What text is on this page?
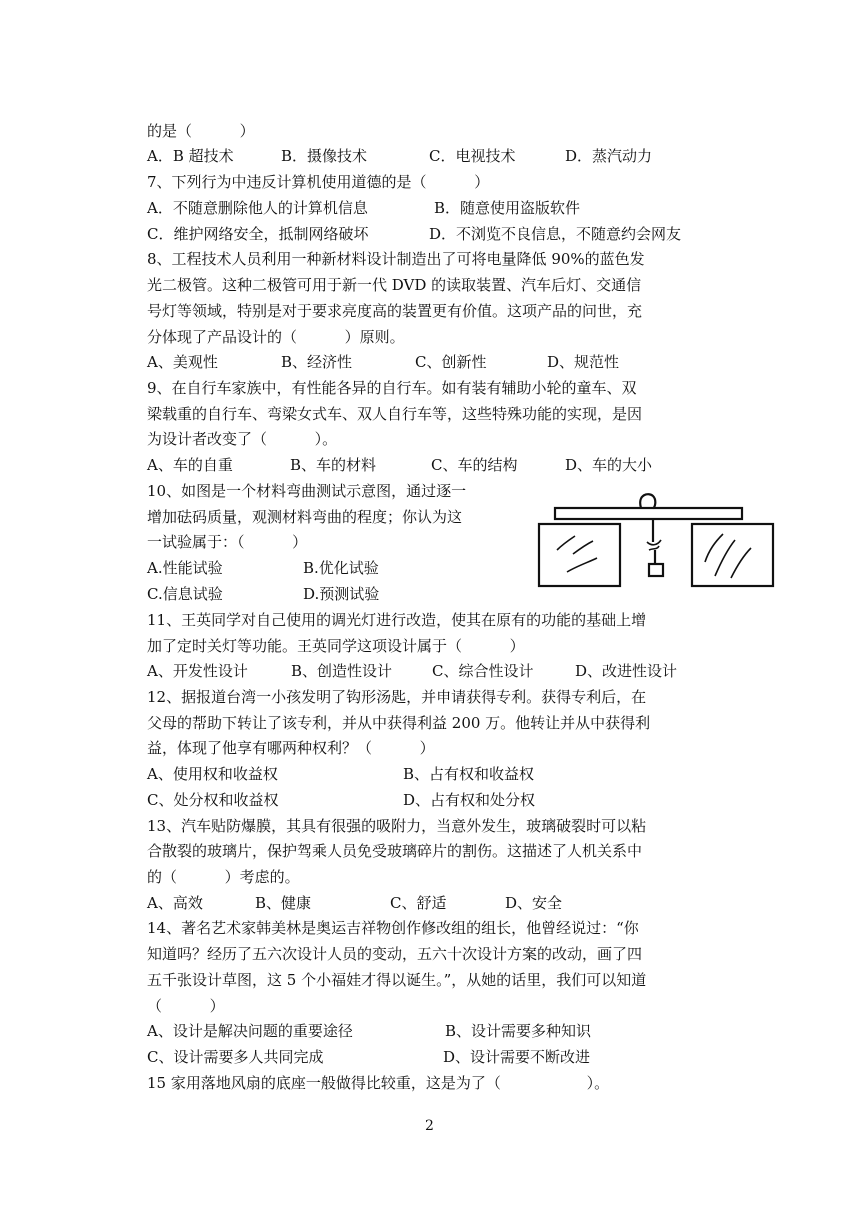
的是（          ）

A．B 超技术

	B．摄像技术

	C．电视技术

	D．蒸汽动力

7、下列行为中违反计算机使用道德的是（          ）

A．不随意删除他人的计算机信息

	B．随意使用盗版软件

C．维护网络安全，抵制网络破坏

	D．不浏览不良信息，不随意约会网友

8、工程技术人员利用一种新材料设计制造出了可将电量降低 90%的蓝色发
光二极管。这种二极管可用于新一代 DVD 的读取装置、汽车后灯、交通信
号灯等领域，特别是对于要求亮度高的装置更有价值。这项产品的问世，充
分体现了产品设计的（          ）原则。

A、美观性

	B、经济性

	C、创新性

	D、规范性

9、在自行车家族中，有性能各异的自行车。如有装有辅助小轮的童车、双
梁载重的自行车、弯梁女式车、双人自行车等，这些特殊功能的实现，是因
为设计者改变了（          ）。

A、车的自重

	B、车的材料

	C、车的结构

	D、车的大小

10、如图是一个材料弯曲测试示意图，通过逐一
增加砝码质量，观测材料弯曲的程度；你认为这
一试验属于：（          ）

A.性能试验

	B.优化试验

C.信息试验

	D.预测试验

11、王英同学对自己使用的调光灯进行改造，使其在原有的功能的基础上增
加了定时关灯等功能。王英同学这项设计属于（          ）

A、开发性设计

	B、创造性设计

	C、综合性设计

	D、改进性设计

12、据报道台湾一小孩发明了钩形汤匙，并申请获得专利。获得专利后，在
父母的帮助下转让了该专利，并从中获得利益 200 万。他转让并从中获得利
益，体现了他享有哪两种权利？（          ）

A、使用权和收益权

	B、占有权和收益权

C、处分权和收益权

	D、占有权和处分权

13、汽车贴防爆膜，其具有很强的吸附力，当意外发生，玻璃破裂时可以粘
合散裂的玻璃片，保护驾乘人员免受玻璃碎片的割伤。这描述了人机关系中
的（          ）考虑的。

A、高效

	B、健康

	C、舒适

	D、安全

14、著名艺术家韩美林是奥运吉祥物创作修改组的组长，他曾经说过：“你
知道吗？经历了五六次设计人员的变动，五六十次设计方案的改动，画了四
五千张设计草图，这 5 个小福娃才得以诞生。”，从她的话里，我们可以知道
（          ）

A、设计是解决问题的重要途径

	B、设计需要多种知识

C、设计需要多人共同完成

	D、设计需要不断改进

15 家用落地风扇的底座一般做得比较重，这是为了（                  ）。
2
